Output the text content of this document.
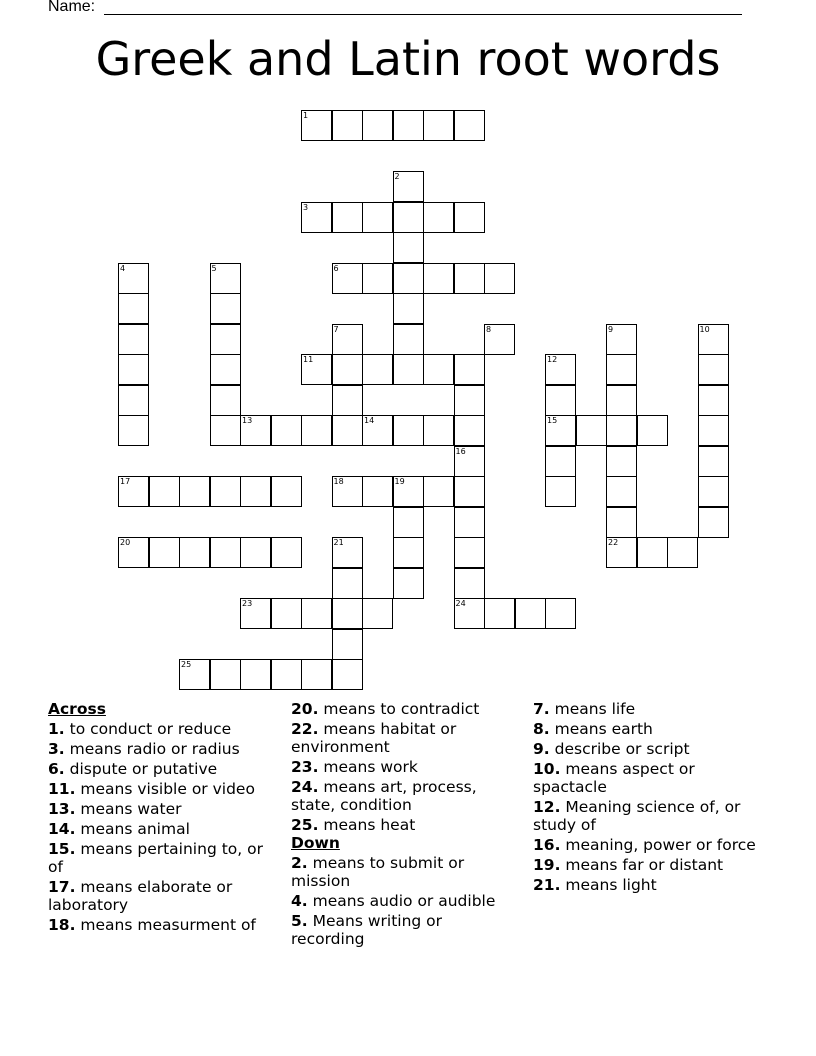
Name:
Greek and Latin root words
1
2
3
5
4	6
7	8	9	10
11	12
13	14	15
16
17	18	19
20	21	22
23	24
25
Across
1. to conduct or reduce
3. means radio or radius
6. dispute or putative
11. means visible or video
13. means water
14. means animal
15. means pertaining to, or of
17. means elaborate or laboratory
18. means measurment of
20. means to contradict
22. means habitat or environment
23. means work
24. means art, process, state, condition
25. means heat
Down
2. means to submit or mission
4. means audio or audible
5. Means writing or recording
7. means life
8. means earth
9. describe or script
10. means aspect or spactacle
12. Meaning science of, or study of
16. meaning, power or force
19. means far or distant
21. means light
